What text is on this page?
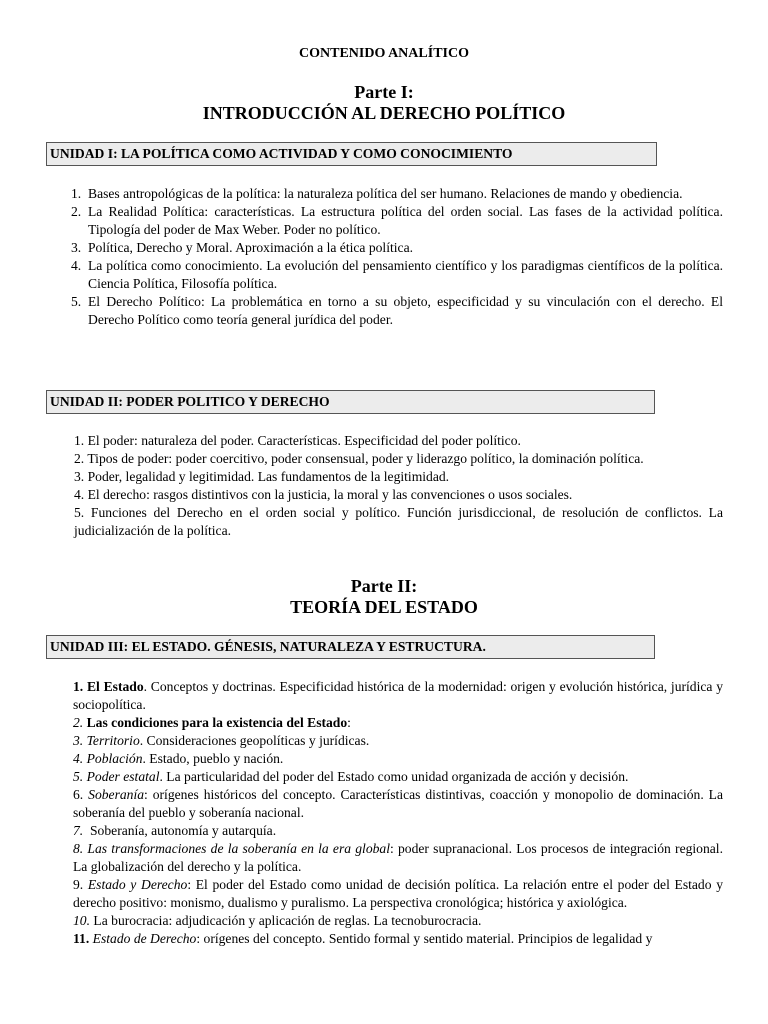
CONTENIDO ANALÍTICO
Parte I:
INTRODUCCIÓN AL DERECHO POLÍTICO
UNIDAD I: LA POLÍTICA COMO ACTIVIDAD Y COMO CONOCIMIENTO
1. Bases antropológicas de la política: la naturaleza política del ser humano. Relaciones de mando y obediencia.
2. La Realidad Política: características. La estructura política del orden social. Las fases de la actividad política. Tipología del poder de Max Weber. Poder no político.
3. Política, Derecho y Moral. Aproximación a la ética política.
4. La política como conocimiento. La evolución del pensamiento científico y los paradigmas científicos de la política. Ciencia Política, Filosofía política.
5. El Derecho Político: La problemática en torno a su objeto, especificidad y su vinculación con el derecho. El Derecho Político como teoría general jurídica del poder.
UNIDAD II: PODER POLITICO Y DERECHO
1. El poder: naturaleza del poder. Características. Especificidad del poder político.
2. Tipos de poder: poder coercitivo, poder consensual, poder y liderazgo político, la dominación política.
3. Poder, legalidad y legitimidad. Las fundamentos de la legitimidad.
4. El derecho: rasgos distintivos con la justicia, la moral y las convenciones o usos sociales.
5. Funciones del Derecho en el orden social y político. Función jurisdiccional, de resolución de conflictos. La judicialización de la política.
Parte II:
TEORÍA DEL ESTADO
UNIDAD III: EL ESTADO. GÉNESIS, NATURALEZA Y ESTRUCTURA.

1. El Estado. Conceptos y doctrinas. Especificidad histórica de la modernidad: origen y evolución histórica, jurídica y sociopolítica.

2. Las condiciones para la existencia del Estado:

3. Territorio. Consideraciones geopolíticas y jurídicas.

4. Población. Estado, pueblo y nación.

5. Poder estatal. La particularidad del poder del Estado como unidad organizada de acción y decisión.

6. Soberanía: orígenes históricos del concepto. Características distintivas, coacción y monopolio de dominación. La soberanía del pueblo y soberanía nacional.

7. Soberanía, autonomía y autarquía.

8. Las transformaciones de la soberanía en la era global: poder supranacional. Los procesos de integración regional. La globalización del derecho y la política.

9. Estado y Derecho: El poder del Estado como unidad de decisión política. La relación entre el poder del Estado y derecho positivo: monismo, dualismo y puralismo. La perspectiva cronológica; histórica y axiológica.

10. La burocracia: adjudicación y aplicación de reglas. La tecnoburocracia.

11. Estado de Derecho: orígenes del concepto. Sentido formal y sentido material. Principios de legalidad y
